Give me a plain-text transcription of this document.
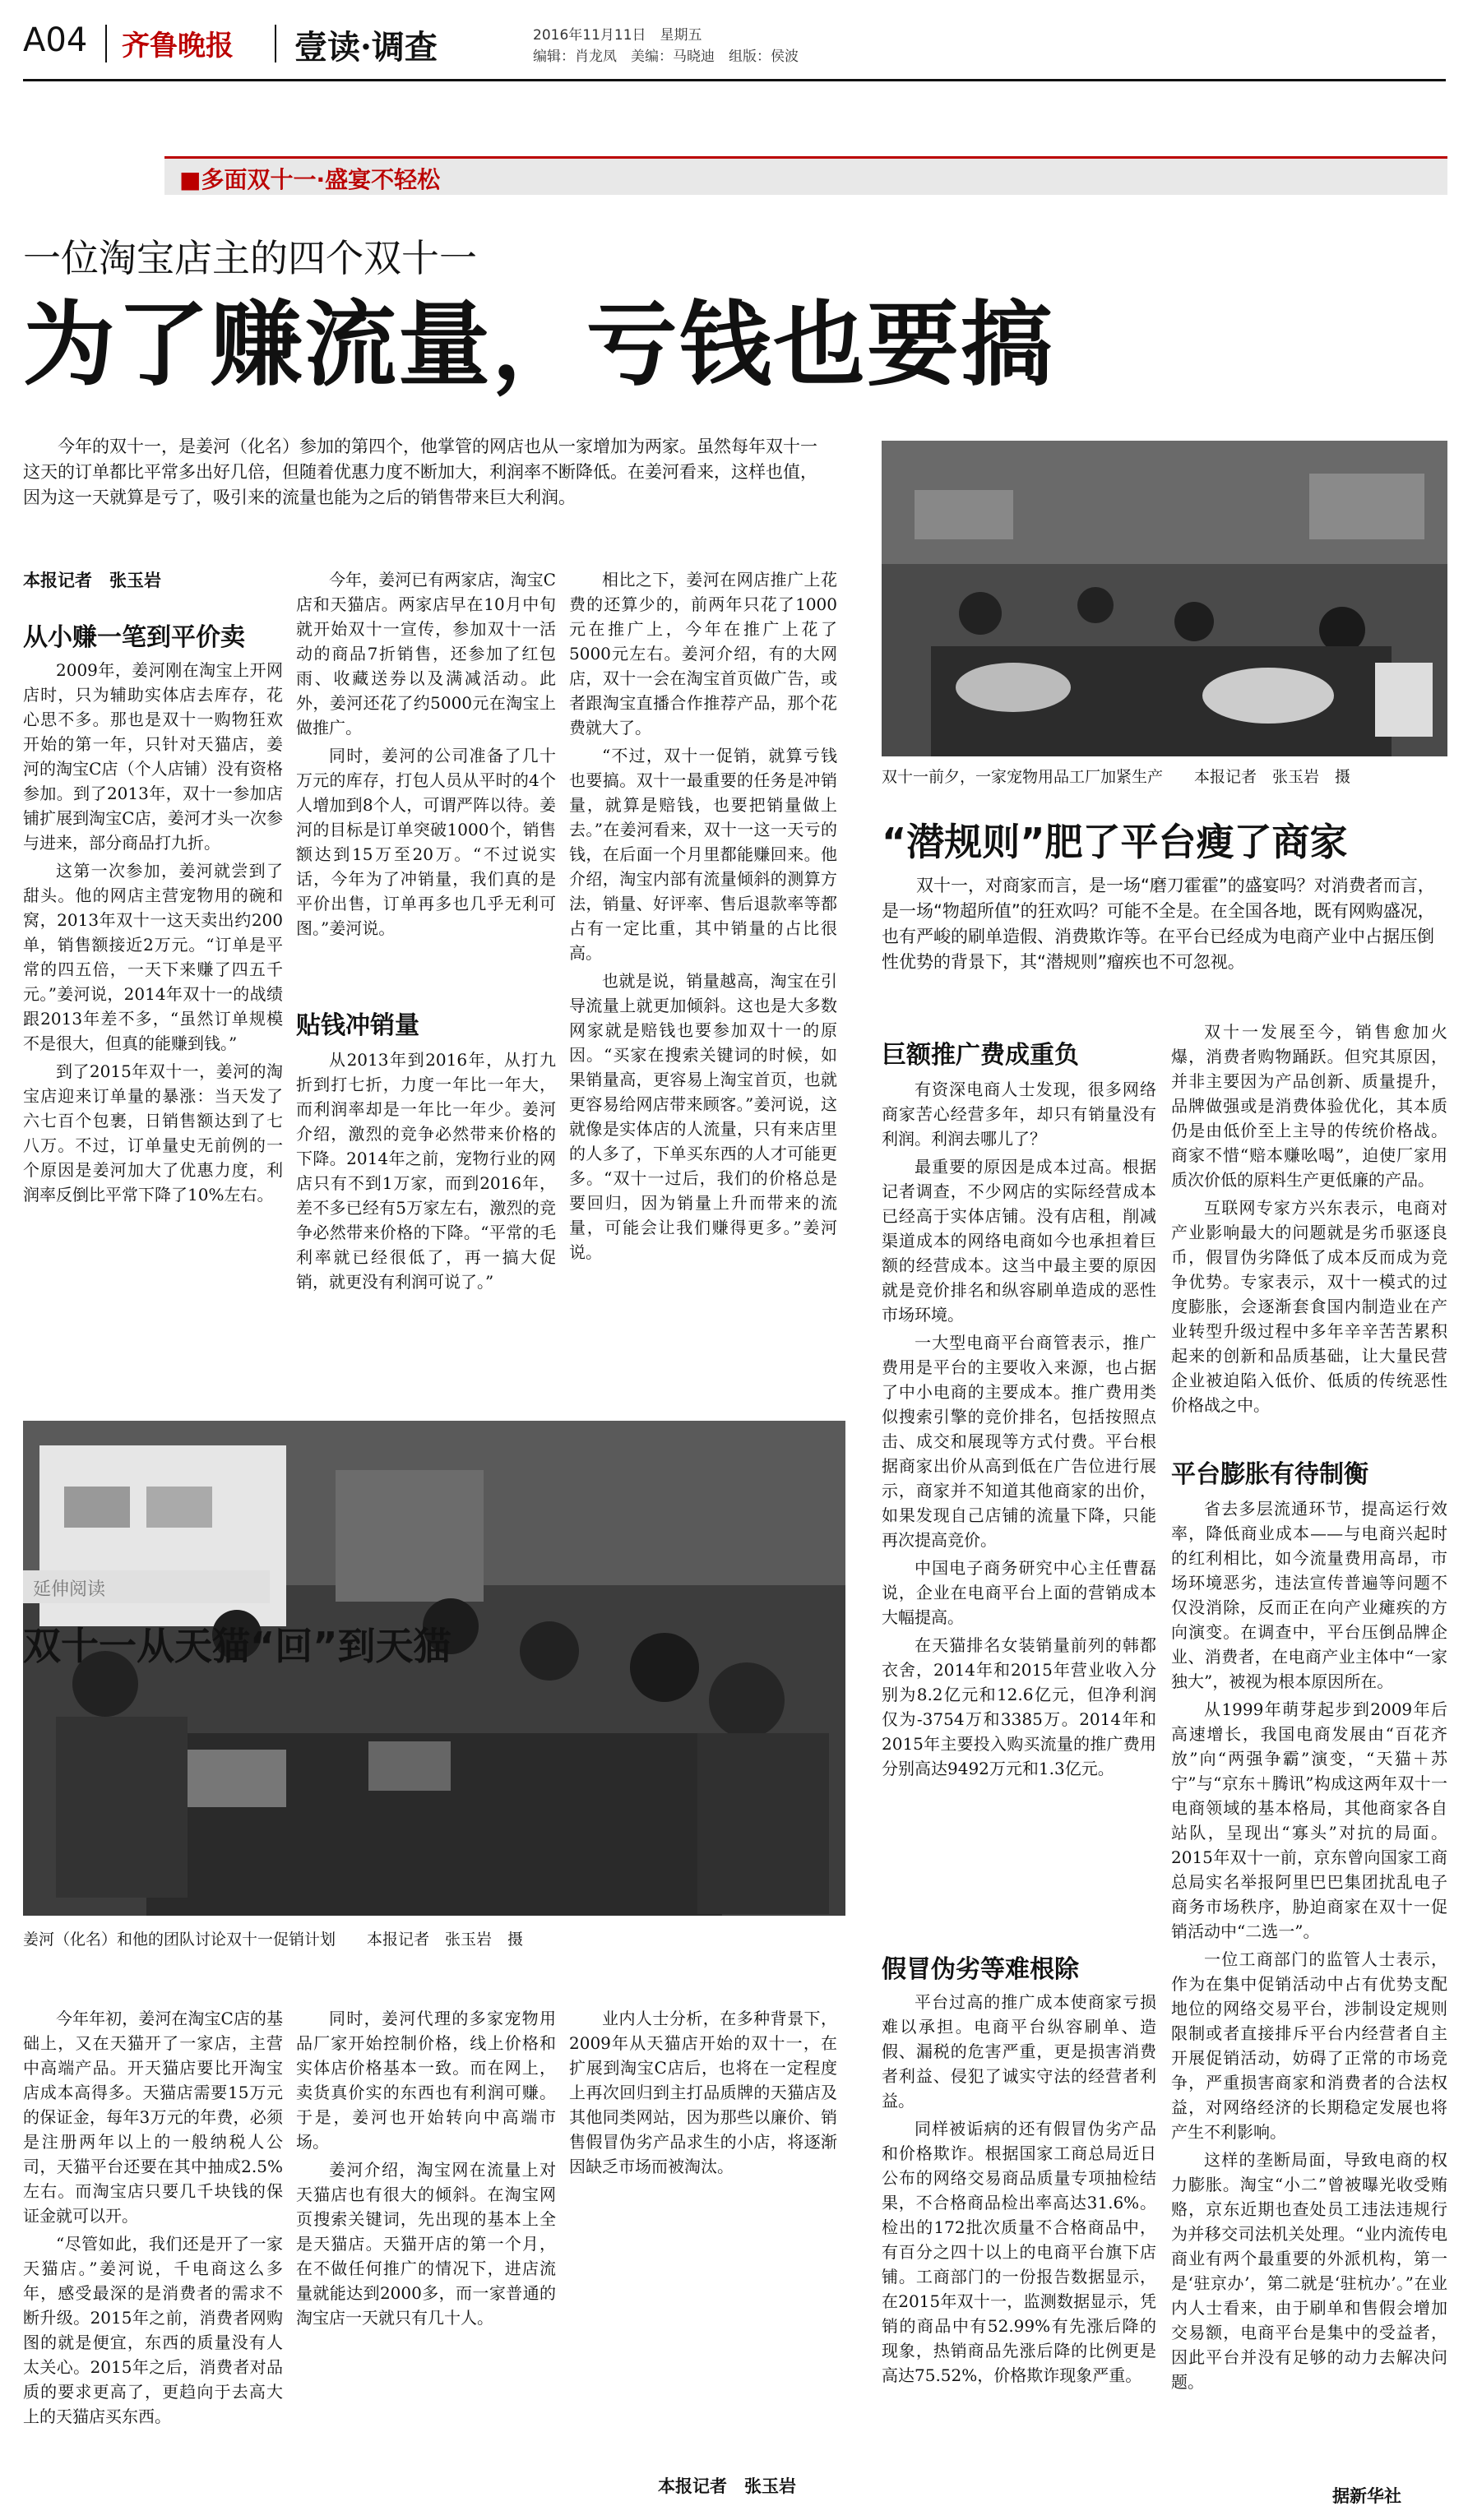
A04 齐鲁晚报 壹读·调查	2016年11月11日　星期五
编辑：肖龙凤　美编：马晓迪　组版：侯波
■多面双十一·盛宴不轻松
一位淘宝店主的四个双十一
为了赚流量，亏钱也要搞
今年的双十一，是姜河（化名）参加的第四个，他掌管的网店也从一家增加为两家。虽然每年双十一这天的订单都比平常多出好几倍，但随着优惠力度不断加大，利润率不断降低。在姜河看来，这样也值，因为这一天就算是亏了，吸引来的流量也能为之后的销售带来巨大利润。
双十一前夕，一家宠物用品工厂加紧生产　　本报记者　张玉岩　摄
本报记者　张玉岩
从小赚一笔到平价卖

2009年，姜河刚在淘宝上开网店时，只为辅助实体店去库存，花心思不多。那也是双十一购物狂欢开始的第一年，只针对天猫店，姜河的淘宝C店（个人店铺）没有资格参加。到了2013年，双十一参加店铺扩展到淘宝C店，姜河才头一次参与进来，部分商品打九折。

这第一次参加，姜河就尝到了甜头。他的网店主营宠物用的碗和窝，2013年双十一这天卖出约200单，销售额接近2万元。“订单是平常的四五倍，一天下来赚了四五千元。”姜河说，2014年双十一的战绩跟2013年差不多，“虽然订单规模不是很大，但真的能赚到钱。”

到了2015年双十一，姜河的淘宝店迎来订单量的暴涨：当天发了六七百个包裹，日销售额达到了七八万。不过，订单量史无前例的一个原因是姜河加大了优惠力度，利润率反倒比平常下降了10%左右。

今年，姜河已有两家店，淘宝C店和天猫店。两家店早在10月中旬就开始双十一宣传，参加双十一活动的商品7折销售，还参加了红包雨、收藏送券以及满减活动。此外，姜河还花了约5000元在淘宝上做推广。

同时，姜河的公司准备了几十万元的库存，打包人员从平时的4个人增加到8个人，可谓严阵以待。姜河的目标是订单突破1000个，销售额达到15万至20万。“不过说实话，今年为了冲销量，我们真的是平价出售，订单再多也几乎无利可图。”姜河说。

贴钱冲销量

从2013年到2016年，从打九折到打七折，力度一年比一年大，而利润率却是一年比一年少。姜河介绍，激烈的竞争必然带来价格的下降。2014年之前，宠物行业的网店只有不到1万家，而到2016年，差不多已经有5万家左右，激烈的竞争必然带来价格的下降。“平常的毛利率就已经很低了，再一搞大促销，就更没有利润可说了。”

相比之下，姜河在网店推广上花费的还算少的，前两年只花了1000元在推广上，今年在推广上花了5000元左右。姜河介绍，有的大网店，双十一会在淘宝首页做广告，或者跟淘宝直播合作推荐产品，那个花费就大了。

“不过，双十一促销，就算亏钱也要搞。双十一最重要的任务是冲销量，就算是赔钱，也要把销量做上去。”在姜河看来，双十一这一天亏的钱，在后面一个月里都能赚回来。他介绍，淘宝内部有流量倾斜的测算方法，销量、好评率、售后退款率等都占有一定比重，其中销量的占比很高。

也就是说，销量越高，淘宝在引导流量上就更加倾斜。这也是大多数网家就是赔钱也要参加双十一的原因。“买家在搜索关键词的时候，如果销量高，更容易上淘宝首页，也就更容易给网店带来顾客。”姜河说，这就像是实体店的人流量，只有来店里的人多了，下单买东西的人才可能更多。“双十一过后，我们的价格总是要回归，因为销量上升而带来的流量，可能会让我们赚得更多。”姜河说。

“潜规则”肥了平台瘦了商家
双十一，对商家而言，是一场“磨刀霍霍”的盛宴吗？对消费者而言，是一场“物超所值”的狂欢吗？可能不全是。在全国各地，既有网购盛况，也有严峻的刷单造假、消费欺诈等。在平台已经成为电商产业中占据压倒性优势的背景下，其“潜规则”瘤疾也不可忽视。
巨额推广费成重负

有资深电商人士发现，很多网络商家苦心经营多年，却只有销量没有利润。利润去哪儿了？

最重要的原因是成本过高。根据记者调查，不少网店的实际经营成本已经高于实体店铺。没有店租，削减渠道成本的网络电商如今也承担着巨额的经营成本。这当中最主要的原因就是竞价排名和纵容刷单造成的恶性市场环境。

一大型电商平台商管表示，推广费用是平台的主要收入来源，也占据了中小电商的主要成本。推广费用类似搜索引擎的竞价排名，包括按照点击、成交和展现等方式付费。平台根据商家出价从高到低在广告位进行展示，商家并不知道其他商家的出价，如果发现自己店铺的流量下降，只能再次提高竞价。

中国电子商务研究中心主任曹磊说，企业在电商平台上面的营销成本大幅提高。

在天猫排名女装销量前列的韩都衣舍，2014年和2015年营业收入分别为8.2亿元和12.6亿元，但净利润仅为-3754万和3385万。2014年和2015年主要投入购买流量的推广费用分别高达9492万元和1.3亿元。

假冒伪劣等难根除

平台过高的推广成本使商家亏损难以承担。电商平台纵容刷单、造假、漏税的危害严重，更是损害消费者利益、侵犯了诚实守法的经营者利益。

同样被诟病的还有假冒伪劣产品和价格欺诈。根据国家工商总局近日公布的网络交易商品质量专项抽检结果，不合格商品检出率高达31.6%。检出的172批次质量不合格商品中，有百分之四十以上的电商平台旗下店铺。工商部门的一份报告数据显示，在2015年双十一，监测数据显示，凭销的商品中有52.99%有先涨后降的现象，热销商品先涨后降的比例更是高达75.52%，价格欺诈现象严重。

双十一发展至今，销售愈加火爆，消费者购物踊跃。但究其原因，并非主要因为产品创新、质量提升，品牌做强或是消费体验优化，其本质仍是由低价至上主导的传统价格战。商家不惜“赔本赚吆喝”，迫使厂家用质次价低的原料生产更低廉的产品。

互联网专家方兴东表示，电商对产业影响最大的问题就是劣币驱逐良币，假冒伪劣降低了成本反而成为竞争优势。专家表示，双十一模式的过度膨胀，会逐渐套食国内制造业在产业转型升级过程中多年辛辛苦苦累积起来的创新和品质基础，让大量民营企业被迫陷入低价、低质的传统恶性价格战之中。

平台膨胀有待制衡

省去多层流通环节，提高运行效率，降低商业成本——与电商兴起时的红利相比，如今流量费用高昂，市场环境恶劣，违法宣传普遍等问题不仅没消除，反而正在向产业瘫疾的方向演变。在调查中，平台压倒品牌企业、消费者，在电商产业主体中“一家独大”，被视为根本原因所在。

从1999年萌芽起步到2009年后高速增长，我国电商发展由“百花齐放”向“两强争霸”演变，“天猫＋苏宁”与“京东＋腾讯”构成这两年双十一电商领域的基本格局，其他商家各自站队，呈现出“寡头”对抗的局面。2015年双十一前，京东曾向国家工商总局实名举报阿里巴巴集团扰乱电子商务市场秩序，胁迫商家在双十一促销活动中“二选一”。

一位工商部门的监管人士表示，作为在集中促销活动中占有优势支配地位的网络交易平台，涉制设定规则限制或者直接排斥平台内经营者自主开展促销活动，妨碍了正常的市场竞争，严重损害商家和消费者的合法权益，对网络经济的长期稳定发展也将产生不利影响。

这样的垄断局面，导致电商的权力膨胀。淘宝“小二”曾被曝光收受贿赂，京东近期也查处员工违法违规行为并移交司法机关处理。“业内流传电商业有两个最重要的外派机构，第一是‘驻京办’，第二就是‘驻杭办’。”在业内人士看来，由于刷单和售假会增加交易额，电商平台是集中的受益者，因此平台并没有足够的动力去解决问题。

据新华社
姜河（化名）和他的团队讨论双十一促销计划　　本报记者　张玉岩　摄
延伸阅读
双十一从天猫“回”到天猫

今年年初，姜河在淘宝C店的基础上，又在天猫开了一家店，主营中高端产品。开天猫店要比开淘宝店成本高得多。天猫店需要15万元的保证金，每年3万元的年费，必须是注册两年以上的一般纳税人公司，天猫平台还要在其中抽成2.5%左右。而淘宝店只要几千块钱的保证金就可以开。

“尽管如此，我们还是开了一家天猫店。”姜河说，千电商这么多年，感受最深的是消费者的需求不断升级。2015年之前，消费者网购图的就是便宜，东西的质量没有人太关心。2015年之后，消费者对品质的要求更高了，更趋向于去高大上的天猫店买东西。

同时，姜河代理的多家宠物用品厂家开始控制价格，线上价格和实体店价格基本一致。而在网上，卖货真价实的东西也有利润可赚。于是，姜河也开始转向中高端市场。

姜河介绍，淘宝网在流量上对天猫店也有很大的倾斜。在淘宝网页搜索关键词，先出现的基本上全是天猫店。天猫开店的第一个月，在不做任何推广的情况下，进店流量就能达到2000多，而一家普通的淘宝店一天就只有几十人。

业内人士分析，在多种背景下，2009年从天猫店开始的双十一，在扩展到淘宝C店后，也将在一定程度上再次回归到主打品质牌的天猫店及其他同类网站，因为那些以廉价、销售假冒伪劣产品求生的小店，将逐渐因缺乏市场而被淘汰。

本报记者　张玉岩
